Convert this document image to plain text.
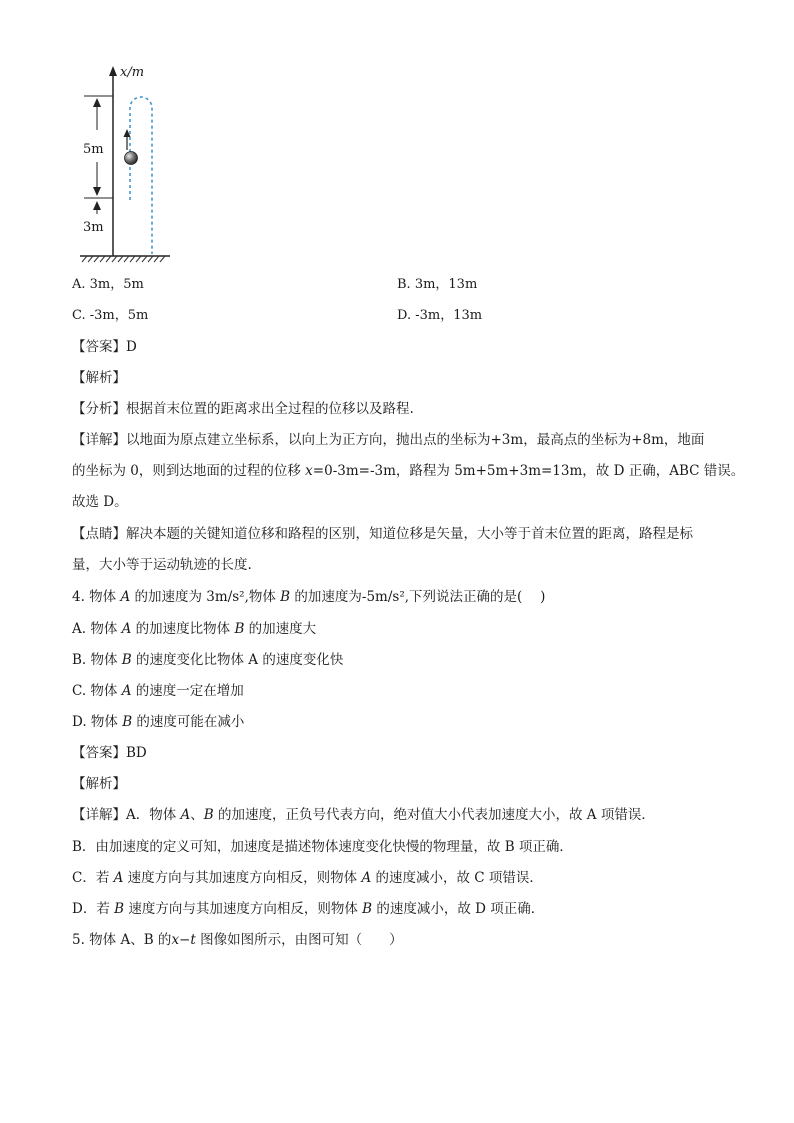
x/m
5m
3m
A. 3m，5m	B. 3m，13m
C. -3m，5m	D. -3m，13m
【答案】D
【解析】
【分析】根据首末位置的距离求出全过程的位移以及路程.
【详解】以地面为原点建立坐标系，以向上为正方向，抛出点的坐标为+3m，最高点的坐标为+8m，地面
的坐标为 0，则到达地面的过程的位移 x=0-3m=-3m，路程为 5m+5m+3m=13m，故 D 正确，ABC 错误。
故选 D。
【点睛】解决本题的关键知道位移和路程的区别，知道位移是矢量，大小等于首末位置的距离，路程是标
量，大小等于运动轨迹的长度.
4. 物体 A 的加速度为 3m/s²,物体 B 的加速度为-5m/s²,下列说法正确的是(　 )
A. 物体 A 的加速度比物体 B 的加速度大
B. 物体 B 的速度变化比物体 A 的速度变化快
C. 物体 A 的速度一定在增加
D. 物体 B 的速度可能在减小
【答案】BD
【解析】
【详解】A．物体 A、B 的加速度，正负号代表方向，绝对值大小代表加速度大小，故 A 项错误．
B．由加速度的定义可知，加速度是描述物体速度变化快慢的物理量，故 B 项正确．
C．若 A 速度方向与其加速度方向相反，则物体 A 的速度减小，故 C 项错误．
D．若 B 速度方向与其加速度方向相反，则物体 B 的速度减小，故 D 项正确．
5. 物体 A、B 的x−t 图像如图所示，由图可知（　　）
